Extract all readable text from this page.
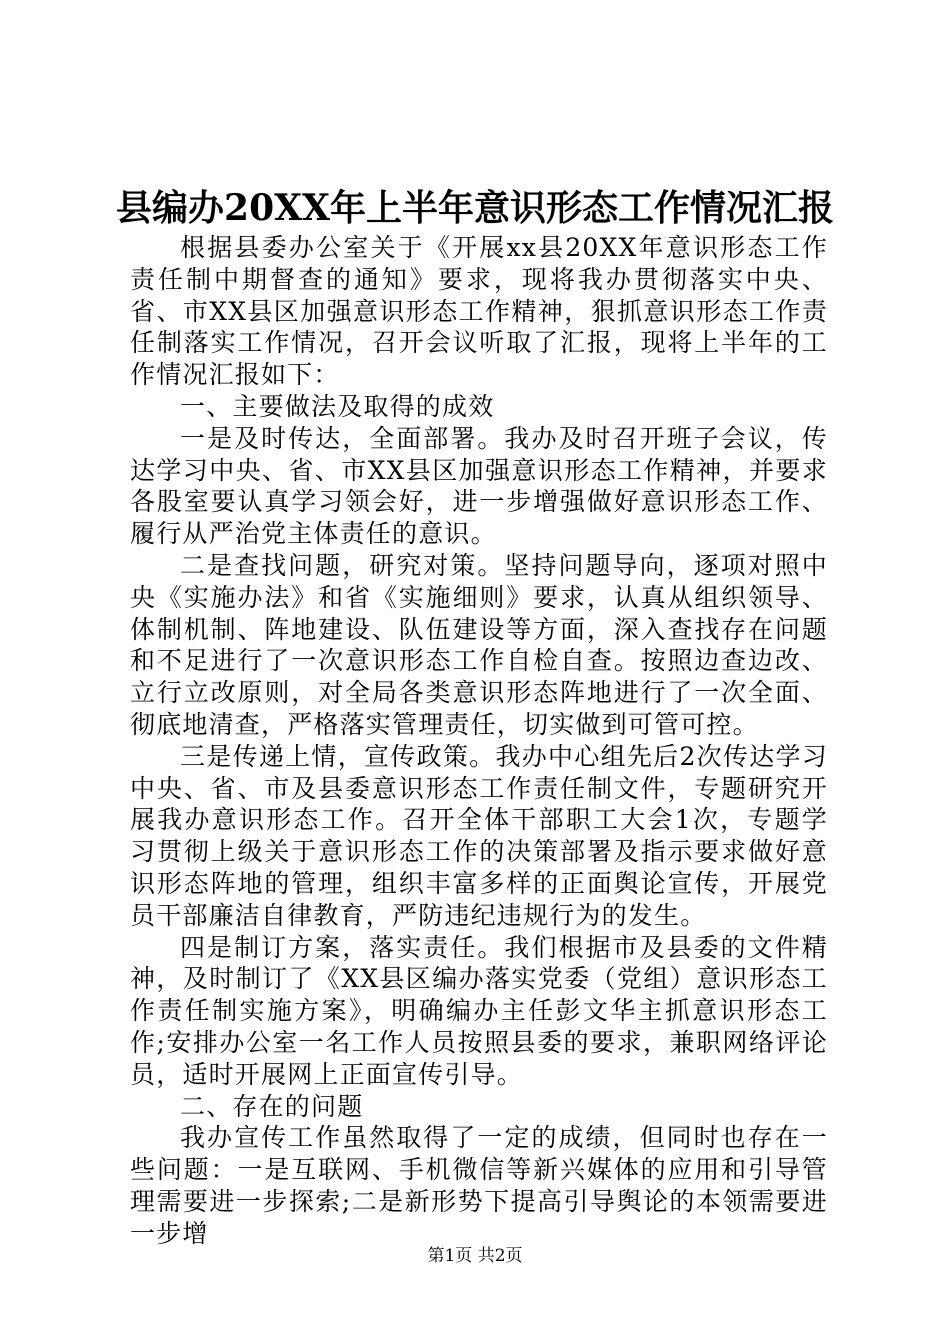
县编办20XX年上半年意识形态工作情况汇报

根据县委办公室关于《开展xx县20XX年意识形态工作责任制中期督查的通知》要求，现将我办贯彻落实中央、省、市XX县区加强意识形态工作精神，狠抓意识形态工作责任制落实工作情况，召开会议听取了汇报，现将上半年的工作情况汇报如下：

一、主要做法及取得的成效

一是及时传达，全面部署。我办及时召开班子会议，传达学习中央、省、市XX县区加强意识形态工作精神，并要求各股室要认真学习领会好，进一步增强做好意识形态工作、履行从严治党主体责任的意识。

二是查找问题，研究对策。坚持问题导向，逐项对照中央《实施办法》和省《实施细则》要求，认真从组织领导、体制机制、阵地建设、队伍建设等方面，深入查找存在问题和不足进行了一次意识形态工作自检自查。按照边查边改、立行立改原则，对全局各类意识形态阵地进行了一次全面、彻底地清查，严格落实管理责任，切实做到可管可控。

三是传递上情，宣传政策。我办中心组先后2次传达学习中央、省、市及县委意识形态工作责任制文件，专题研究开展我办意识形态工作。召开全体干部职工大会1次，专题学习贯彻上级关于意识形态工作的决策部署及指示要求做好意识形态阵地的管理，组织丰富多样的正面舆论宣传，开展党员干部廉洁自律教育，严防违纪违规行为的发生。

四是制订方案，落实责任。我们根据市及县委的文件精神，及时制订了《XX县区编办落实党委（党组）意识形态工作责任制实施方案》，明确编办主任彭文华主抓意识形态工作;安排办公室一名工作人员按照县委的要求，兼职网络评论员，适时开展网上正面宣传引导。

二、存在的问题

我办宣传工作虽然取得了一定的成绩，但同时也存在一些问题：一是互联网、手机微信等新兴媒体的应用和引导管理需要进一步探索;二是新形势下提高引导舆论的本领需要进一步增

第1页 共2页
